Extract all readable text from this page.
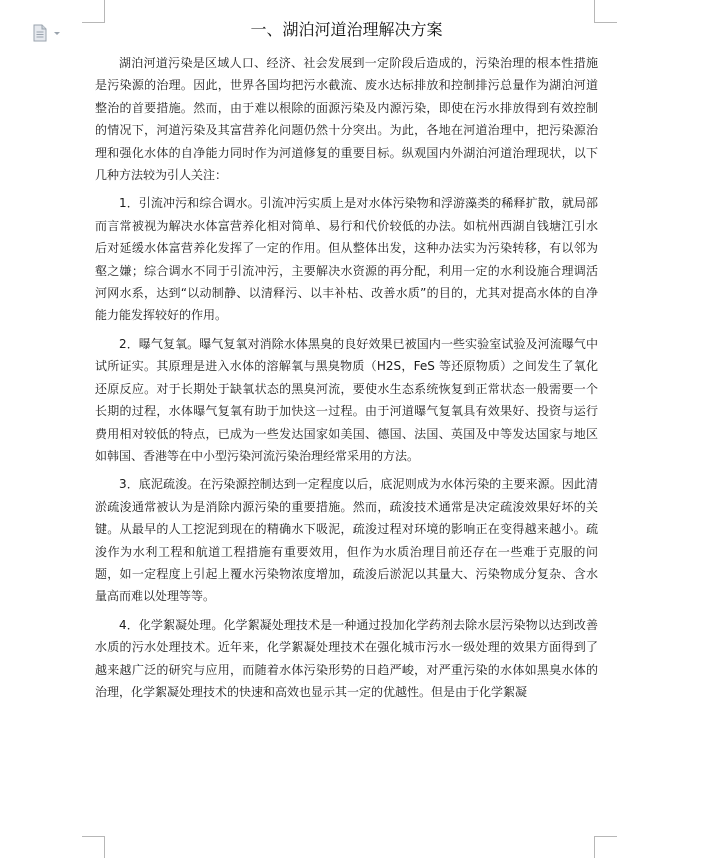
一、湖泊河道治理解决方案

湖泊河道污染是区域人口、经济、社会发展到一定阶段后造成的，污染治理的根本性措施是污染源的治理。因此，世界各国均把污水截流、废水达标排放和控制排污总量作为湖泊河道整治的首要措施。然而，由于难以根除的面源污染及内源污染，即使在污水排放得到有效控制的情况下，河道污染及其富营养化问题仍然十分突出。为此，各地在河道治理中，把污染源治理和强化水体的自净能力同时作为河道修复的重要目标。纵观国内外湖泊河道治理现状，以下几种方法较为引人关注：

1．引流冲污和综合调水。引流冲污实质上是对水体污染物和浮游藻类的稀释扩散，就局部而言常被视为解决水体富营养化相对简单、易行和代价较低的办法。如杭州西湖自钱塘江引水后对延缓水体富营养化发挥了一定的作用。但从整体出发，这种办法实为污染转移，有以邻为壑之嫌；综合调水不同于引流冲污，主要解决水资源的再分配，利用一定的水利设施合理调活河网水系，达到“以动制静、以清释污、以丰补枯、改善水质”的目的，尤其对提高水体的自净能力能发挥较好的作用。

2．曝气复氧。曝气复氧对消除水体黑臭的良好效果已被国内一些实验室试验及河流曝气中试所证实。其原理是进入水体的溶解氧与黑臭物质（H2S，FeS 等还原物质）之间发生了氧化还原反应。对于长期处于缺氧状态的黑臭河流，要使水生态系统恢复到正常状态一般需要一个长期的过程，水体曝气复氧有助于加快这一过程。由于河道曝气复氧具有效果好、投资与运行费用相对较低的特点，已成为一些发达国家如美国、德国、法国、英国及中等发达国家与地区如韩国、香港等在中小型污染河流污染治理经常采用的方法。

3．底泥疏浚。在污染源控制达到一定程度以后，底泥则成为水体污染的主要来源。因此清淤疏浚通常被认为是消除内源污染的重要措施。然而，疏浚技术通常是决定疏浚效果好坏的关键。从最早的人工挖泥到现在的精确水下吸泥，疏浚过程对环境的影响正在变得越来越小。疏浚作为水利工程和航道工程措施有重要效用，但作为水质治理目前还存在一些难于克服的问题，如一定程度上引起上覆水污染物浓度增加，疏浚后淤泥以其量大、污染物成分复杂、含水量高而难以处理等等。

4．化学絮凝处理。化学絮凝处理技术是一种通过投加化学药剂去除水层污染物以达到改善水质的污水处理技术。近年来，化学絮凝处理技术在强化城市污水一级处理的效果方面得到了越来越广泛的研究与应用，而随着水体污染形势的日趋严峻，对严重污染的水体如黑臭水体的治理，化学絮凝处理技术的快速和高效也显示其一定的优越性。但是由于化学絮凝
